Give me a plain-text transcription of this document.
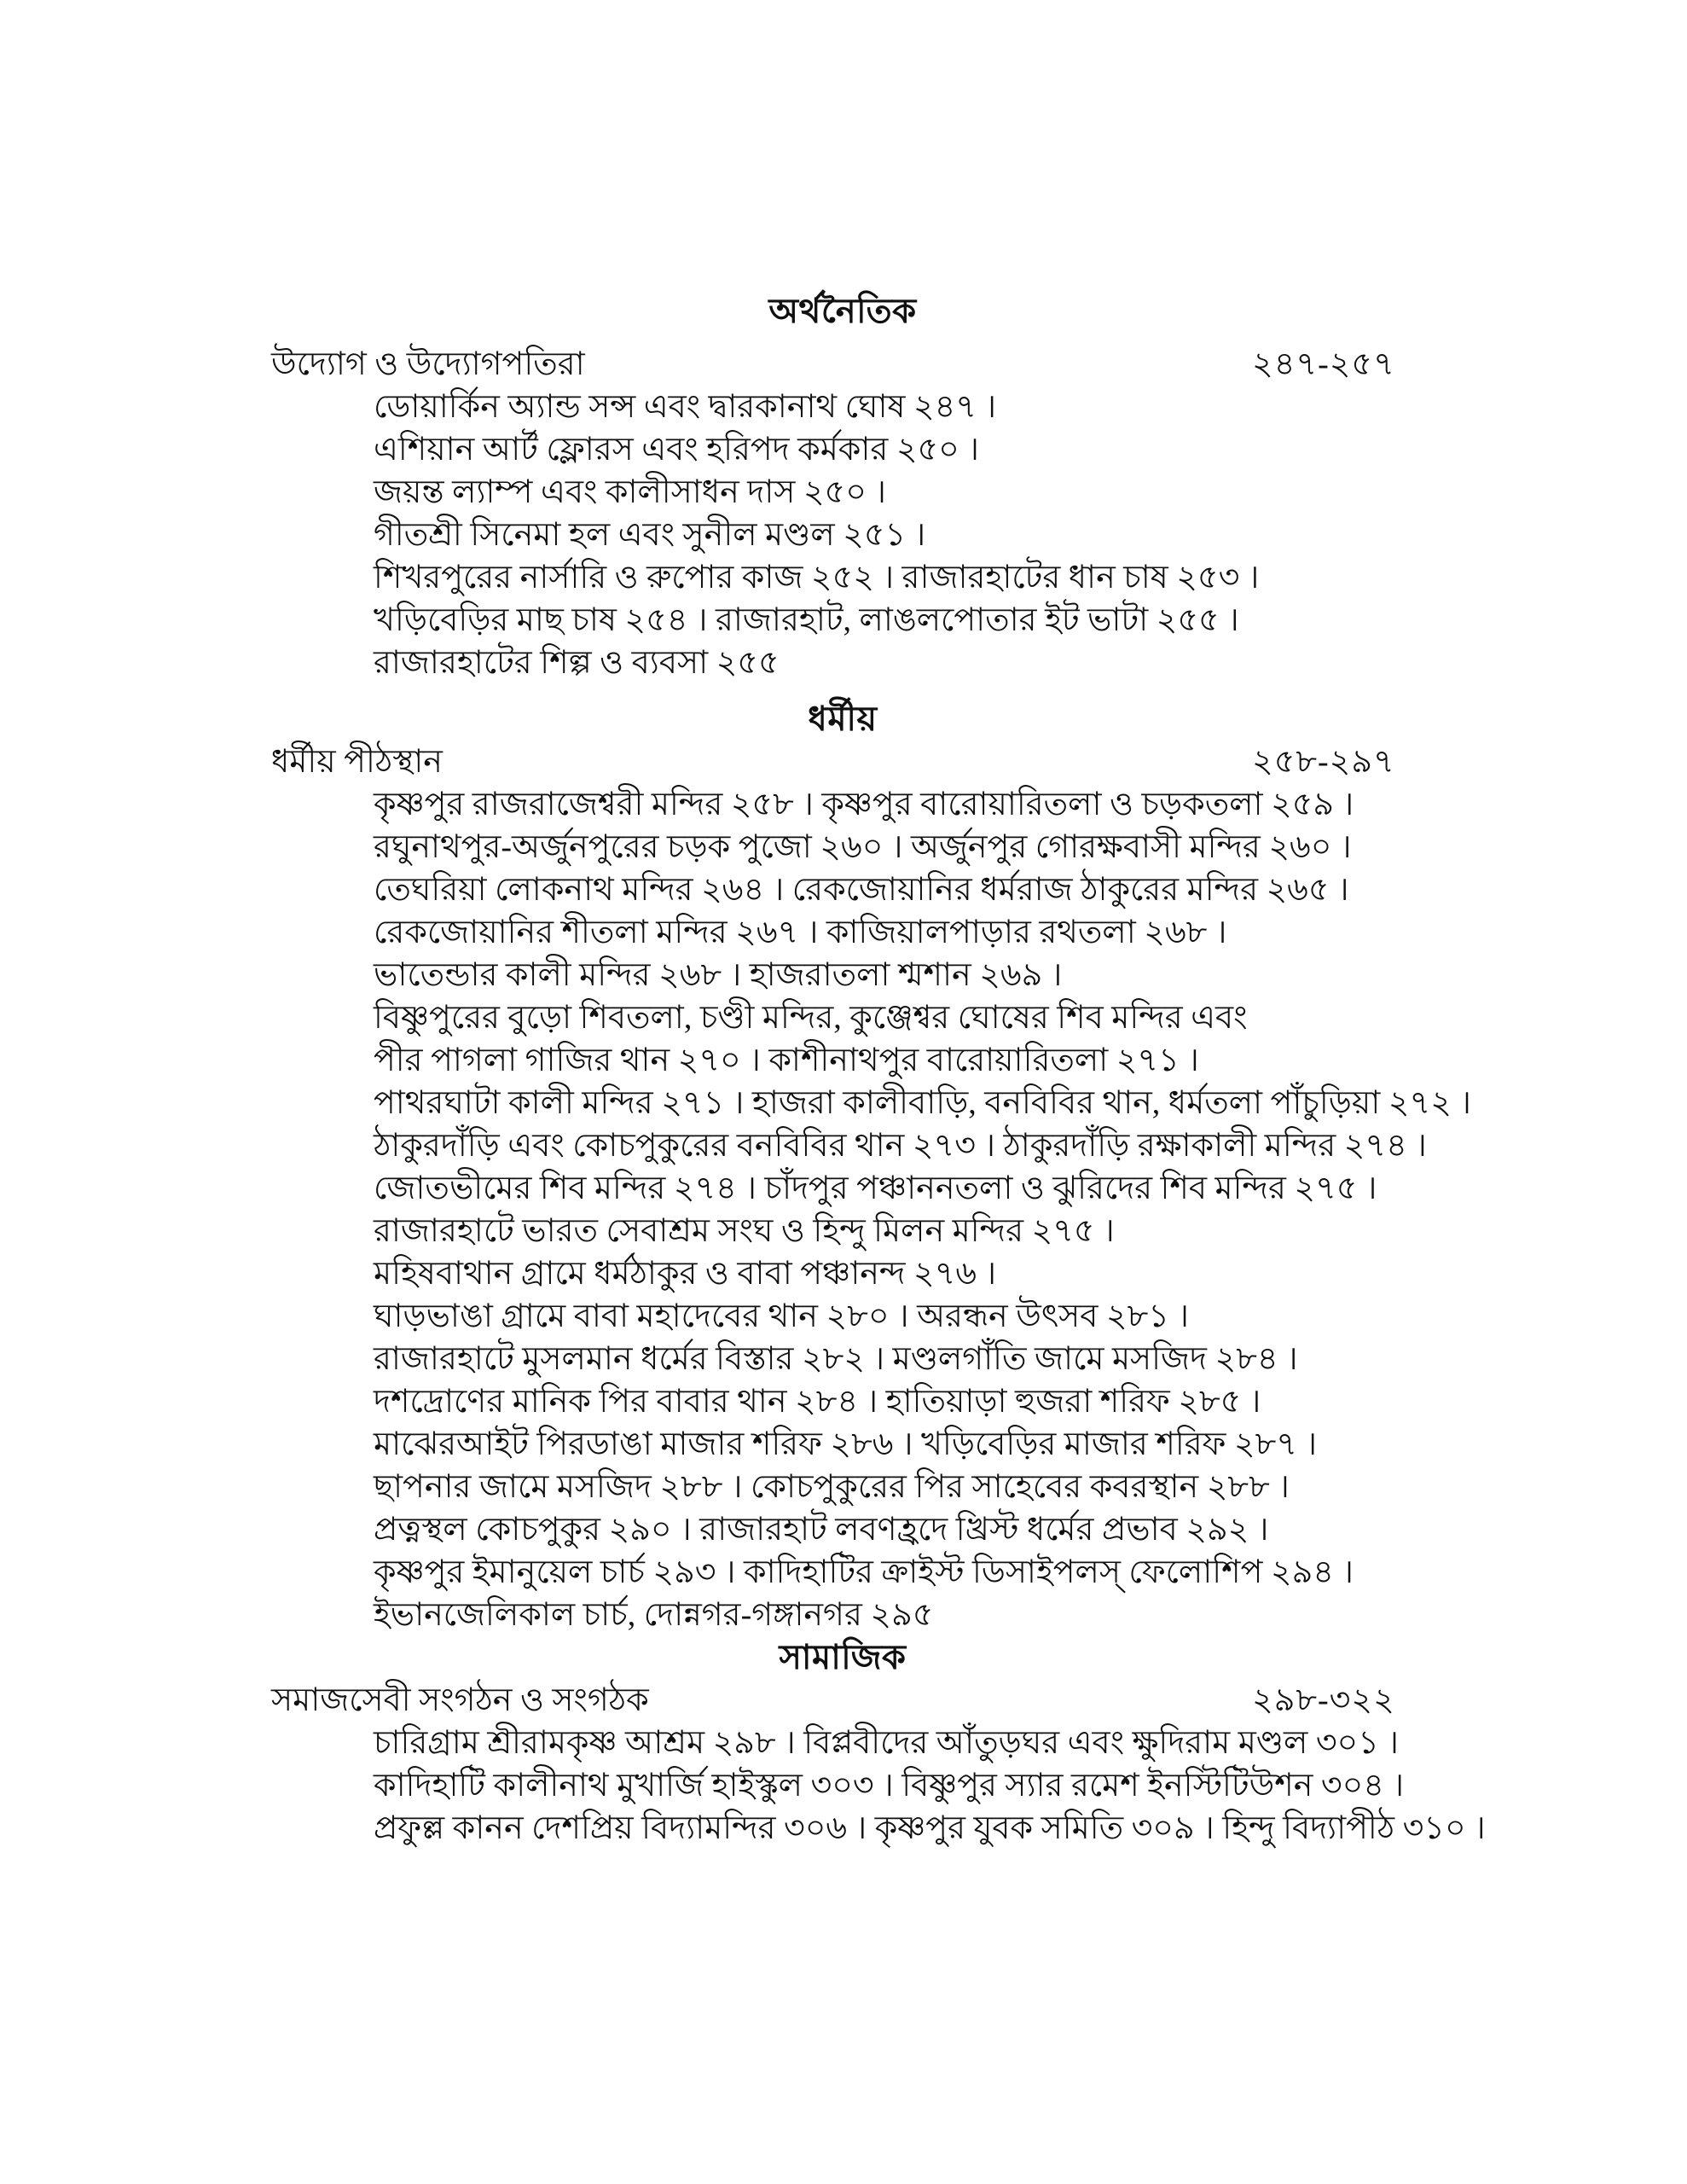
অর্থনৈতিক
উদ্যোগ ও উদ্যোগপতিরা	২৪৭-২৫৭
ডোয়ার্কিন অ্যান্ড সন্স এবং দ্বারকানাথ ঘোষ ২৪৭ ।
এশিয়ান আর্ট ফ্লোরস এবং হরিপদ কর্মকার ২৫০ ।
জয়ন্ত ল্যাম্প এবং কালীসাধন দাস ২৫০ ।
গীতশ্রী সিনেমা হল এবং সুনীল মণ্ডল ২৫১ ।
শিখরপুরের নার্সারি ও রুপোর কাজ ২৫২ । রাজারহাটের ধান চাষ ২৫৩ ।
খড়িবেড়ির মাছ চাষ ২৫৪ । রাজারহাট, লাঙলপোতার ইট ভাটা ২৫৫ ।
রাজারহাটের শিল্প ও ব্যবসা ২৫৫
ধর্মীয়
ধর্মীয় পীঠস্থান	২৫৮-২৯৭
কৃষ্ণপুর রাজরাজেশ্বরী মন্দির ২৫৮ । কৃষ্ণপুর বারোয়ারিতলা ও চড়কতলা ২৫৯ ।
রঘুনাথপুর-অর্জুনপুরের চড়ক পুজো ২৬০ । অর্জুনপুর গোরক্ষবাসী মন্দির ২৬০ ।
তেঘরিয়া লোকনাথ মন্দির ২৬৪ । রেকজোয়ানির ধর্মরাজ ঠাকুরের মন্দির ২৬৫ ।
রেকজোয়ানির শীতলা মন্দির ২৬৭ । কাজিয়ালপাড়ার রথতলা ২৬৮ ।
ভাতেন্ডার কালী মন্দির ২৬৮ । হাজরাতলা শ্মশান ২৬৯ ।
বিষ্ণুপুরের বুড়ো শিবতলা, চণ্ডী মন্দির, কুঞ্জেশ্বর ঘোষের শিব মন্দির এবং
পীর পাগলা গাজির থান ২৭০ । কাশীনাথপুর বারোয়ারিতলা ২৭১ ।
পাথরঘাটা কালী মন্দির ২৭১ । হাজরা কালীবাড়ি, বনবিবির থান, ধর্মতলা পাঁচুড়িয়া ২৭২ ।
ঠাকুরদাঁড়ি এবং কোচপুকুরের বনবিবির থান ২৭৩ । ঠাকুরদাঁড়ি রক্ষাকালী মন্দির ২৭৪ ।
জোতভীমের শিব মন্দির ২৭৪ । চাঁদপুর পঞ্চাননতলা ও ঝুরিদের শিব মন্দির ২৭৫ ।
রাজারহাটে ভারত সেবাশ্রম সংঘ ও হিন্দু মিলন মন্দির ২৭৫ ।
মহিষবাথান গ্রামে ধর্মঠাকুর ও বাবা পঞ্চানন্দ ২৭৬ ।
ঘাড়ভাঙা গ্রামে বাবা মহাদেবের থান ২৮০ । অরন্ধন উৎসব ২৮১ ।
রাজারহাটে মুসলমান ধর্মের বিস্তার ২৮২ । মণ্ডলগাঁতি জামে মসজিদ ২৮৪ ।
দশদ্রোণের মানিক পির বাবার থান ২৮৪ । হাতিয়াড়া হুজরা শরিফ ২৮৫ ।
মাঝেরআইট পিরডাঙা মাজার শরিফ ২৮৬ । খড়িবেড়ির মাজার শরিফ ২৮৭ ।
ছাপনার জামে মসজিদ ২৮৮ । কোচপুকুরের পির সাহেবের কবরস্থান ২৮৮ ।
প্রত্নস্থল কোচপুকুর ২৯০ । রাজারহাট লবণহ্রদে খ্রিস্ট ধর্মের প্রভাব ২৯২ ।
কৃষ্ণপুর ইমানুয়েল চার্চ ২৯৩ । কাদিহাটির ক্রাইস্ট ডিসাইপলস্ ফেলোশিপ ২৯৪ ।
ইভানজেলিকাল চার্চ, দোন্নগর-গঙ্গানগর ২৯৫
সামাজিক
সমাজসেবী সংগঠন ও সংগঠক	২৯৮-৩২২
চারিগ্রাম শ্রীরামকৃষ্ণ আশ্রম ২৯৮ । বিপ্লবীদের আঁতুড়ঘর এবং ক্ষুদিরাম মণ্ডল ৩০১ ।
কাদিহাটি কালীনাথ মুখার্জি হাইস্কুল ৩০৩ । বিষ্ণুপুর স্যার রমেশ ইনস্টিটিউশন ৩০৪ ।
প্রফুল্ল কানন দেশপ্রিয় বিদ্যামন্দির ৩০৬ । কৃষ্ণপুর যুবক সমিতি ৩০৯ । হিন্দু বিদ্যাপীঠ ৩১০ ।
